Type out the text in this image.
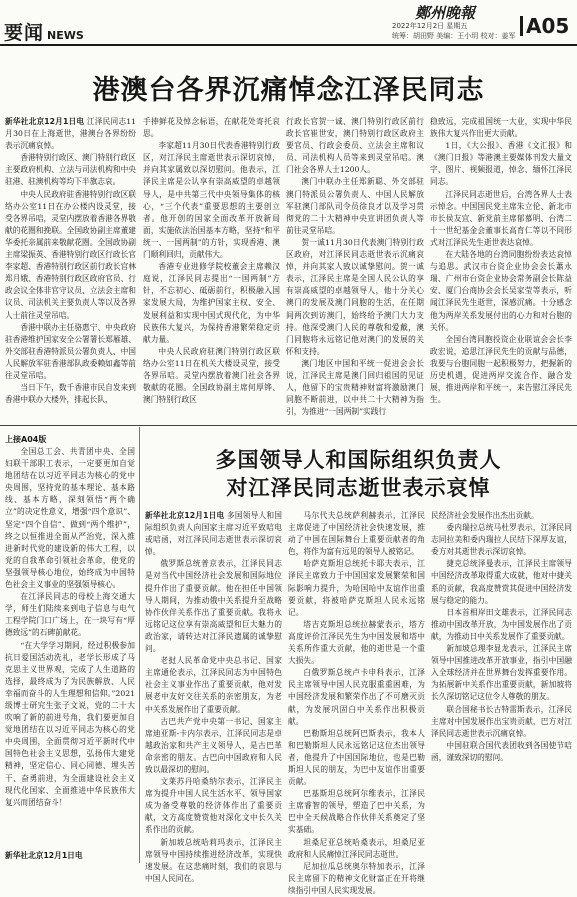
要闻 NEWS
鄭州晚報
2022年12月2日 星期五
统筹：胡田野 美编：王小玥 校对：姜军 A05
港澳台各界沉痛悼念江泽民同志

新华社北京12月1日电 江泽民同志11月30日在上海逝世，港澳台各界纷纷表示沉痛哀悼。

香港特别行政区、澳门特别行政区主要政府机构、立法与司法机构和中央驻港、驻澳机构等均下半旗志哀。

中央人民政府驻香港特别行政区联络办公室11日在办公楼内设灵堂，接受各界吊唁，灵堂内摆放着香港各界敬献的花圈和挽联。全国政协副主席董建华委托亲属前来敬献花圈。全国政协副主席梁振英、香港特别行政区行政长官李家超、香港特别行政区前行政长官林郑月娥、香港特别行政区政府官员、行政会议全体非官守议员、立法会主席和议员、司法机关主要负责人等以及各界人士前往灵堂吊唁。

香港中联办主任骆惠宁、中央政府驻香港维护国家安全公署署长郑雁雄、外交部驻香港特派员公署负责人、中国人民解放军驻香港部队政委赖如鑫等前往灵堂吊唁。

当日下午，数千香港市民自发来到香港中联办大楼外，排起长队，

手捧鲜花及悼念标语，在献花处寄托哀思。

李家超11月30日代表香港特别行政区，对江泽民主席逝世表示深切哀悼，并向其家属致以深切慰问。他表示，江泽民主席是公认享有崇高威望的卓越领导人，是中共第三代中央领导集体的核心，“三个代表”重要思想的主要创立者。他开创的国家全面改革开放新局面，实施依法治国基本方略，坚持“和平统一、一国两制”的方针，实现香港、澳门顺利回归，贡献伟大。

香港专业进修学院校董会主席赖汉庭说，江泽民同志提出“一国两制”方针，不忘初心、砥砺前行，积极融入国家发展大局，为维护国家主权、安全、发展利益和实现中国式现代化，为中华民族伟大复兴，为保持香港繁荣稳定贡献力量。

中央人民政府驻澳门特别行政区联络办公室11日在机关大楼设灵堂，接受各界吊唁。灵堂内摆放着澳门社会各界敬献的花圈。全国政协副主席何厚铧、澳门特别行政区

行政长官贺一诚、澳门特别行政区前行政长官崔世安，澳门特别行政区政府主要官员、行政会委员、立法会主席和议员、司法机构人员等来到灵堂吊唁。澳门社会各界人士1200人。

澳门中联办主任郑新聪、外交部驻澳门特派员公署负责人、中国人民解放军驻澳门部队司令员徐良才以及学习贯彻党的二十大精神中央宣讲团负责人等前往灵堂吊唁。

贺一诚11月30日代表澳门特别行政区政府，对江泽民同志逝世表示沉痛哀悼，并向其家人致以诚挚慰问。贺一诚表示，江泽民主席是全国人民公认的享有崇高威望的卓越领导人，他十分关心澳门的发展及澳门同胞的生活，在任期间两次到访澳门，始终给予澳门大力支持。他深受澳门人民的尊敬和爱戴，澳门同胞将永远铭记他对澳门的发展的关怀和支持。

澳门地区中国和平统一促进会会长说，江泽民主席是澳门回归祖国的见证人，他留下的宝贵精神财富将激励澳门同胞不断前进，以中共二十大精神为指引，为推进“一国两制”实践行

稳致远，完成祖国统一大业，实现中华民族伟大复兴作出更大贡献。

1日，《大公报》、香港《文汇报》和《澳门日报》等港澳主要媒体刊发大量文字、图片、视频报道，悼念、缅怀江泽民同志。

江泽民同志逝世后，台湾各界人士表示悼念。中国国民党主席朱立伦、新北市市长侯友宜、新党前主席郁慕明、台湾二十一世纪基金会董事长高育仁等以不同形式对江泽民先生逝世表达哀悼。

在大陆各地的台湾同胞纷纷表达哀悼与追思。武汉市台资企业协会会长蕭永瑞、广州市台资企业协会常务副会长陈益安、厦门台商协会会长吴家莹等表示，听闻江泽民先生逝世，深感沉痛。十分感念他为两岸关系发展付出的心力和对台胞的关怀。

全国台湾同胞投资企业联谊会会长李政宏说，追思江泽民先生的贡献与品德，我要与台胞同胞一起积极努力，把握新的历史机遇，促进两岸交流合作、融合发展，推进两岸和平统一，来告慰江泽民先生。

上接A04版

全国总工会、共青团中央、全国妇联干部职工表示，一定要更加自觉地团结在以习近平同志为核心的党中央周围，坚持党的基本理论、基本路线、基本方略，深刻领悟“两个确立”的决定性意义，增强“四个意识”、坚定“四个自信”、做到“两个维护”，终之以恒推进全面从严治党，深入推进新时代党的建设新的伟大工程，以党的自我革命引领社会革命，使党的坚强领导核心地位，始终成为中国特色社会主义事业的坚强领导核心。

在江泽民同志的母校上海交通大学，师生们陆续来到电子信息与电气工程学院门口广场上，在一块写有“厚德致远”的石碑前献花。

“在大学学习期间，经过积极参加抗日爱国活动洗礼，老学长形成了马克思主义世界观，完成了人生道路的选择，最终成为了为民族解放、人民幸福而奋斗的人生理想和信仰。”2021级博士研究生张子文说，党的二十大吹响了新的前进号角，我们要更加自觉地团结在以习近平同志为核心的党中央周围，全面贯彻习近平新时代中国特色社会主义思想，弘扬伟大建党精神，坚定信心、同心同德、埋头苦干、奋勇前进，为全面建设社会主义现代化国家、全面推进中华民族伟大复兴而团结奋斗！

新华社北京12月1日电
多国领导人和国际组织负责人
对江泽民同志逝世表示哀悼

新华社北京12月1日电 多国领导人和国际组织负责人向国家主席习近平致唁电或唁函，对江泽民同志逝世表示深切哀悼。

俄罗斯总统普京表示，江泽民同志是对当代中国经济社会发展和国际地位提升作出了重要贡献。他在担任中国领导人期间，为推动俄中关系提升至战略协作伙伴关系作出了重要贡献。我将永远铭记这位享有崇高威望和巨大魅力的政治家，请转达对江泽民遗属的诚挚慰问。

老挝人民革命党中央总书记、国家主席通伦表示，江泽民同志为中国特色社会主义事业作出了重要贡献，他对发展老中友好交往关系的亲密朋友，为老中关系发展作出了重要贡献。

古巴共产党中央第一书记、国家主席迪亚斯-卡内尔表示，江泽民同志是卓越政治家和共产主义领导人，是古巴革命亲密的朋友。古巴向中国政府和人民致以最深切的慰问。

文莱苏丹哈桑纳尔表示，江泽民主席为提升中国人民生活水平、领导国家成为备受尊敬的经济体作出了重要贡献，文方高度赞赏他对深化文中长久关系作出的贡献。

新加坡总统哈莉玛表示，江泽民主席领导中国持续推进经济改革，实现快速发展。在这悲痛时刻，我们的哀思与中国人民同在。

马尔代夫总统萨利赫表示，江泽民主席促进了中国经济社会快速发展，推动了中国在国际舞台上重要贡献者的角色，将作为富有远见的领导人被铭记。

哈萨克斯坦总统托卡耶夫表示，江泽民主席致力于中国国家发展繁荣和国际影响力提升，为哈国哈中友谊作出重要贡献，将被哈萨克斯坦人民永远铭记。

塔吉克斯坦总统拉赫蒙表示，塔方高度评价江泽民先生为中国发展和塔中关系所作重大贡献，他的逝世是一个重大损失。

白俄罗斯总统卢卡申科表示，江泽民主席领导中国人民克服重重困难，为中国经济发展和繁荣作出了不可磨灭贡献，为发展巩固白中关系作出积极贡献。

巴勒斯坦总统阿巴斯表示，我本人和巴勒斯坦人民永远铭记这位杰出领导者，他提升了中国国际地位，也是巴勒斯坦人民的朋友，为巴中友谊作出重要贡献。

巴基斯坦总统阿尔维表示，江泽民主席睿智的领导，塑造了巴中关系，为巴中全天候战略合作伙伴关系奠定了坚实基础。

坦桑尼亚总统哈桑表示，坦桑尼亚政府和人民痛悼江泽民同志逝世。

尼加拉瓜总统奥尔特加表示，江泽民主席留下的精神文化财富正在开将继续指引中国人民实现发展。

民经济社会发展作出杰出贡献。

委内瑞拉总统马杜罗表示，江泽民同志同拉美和委内瑞拉人民结下深厚友谊，委方对其逝世表示深切哀悼。

捷克总统泽曼表示，江泽民主席领导中国经济改革取得重大成就，他对中捷关系的贡献，我高度赞赏其促进中国经济发展与稳定的能力。

日本首相岸田文雄表示，江泽民同志推动中国改革开放，为中国发展作出了贡献，为推动日中关系发展作了重要贡献。

新加坡总理李显龙表示，江泽民主席领导中国推进改革开放事业，指引中国融入全球经济并在世界舞台发挥重要作用。为拓展新中关系作出重要贡献，新加坡将长久深切铭记这位令人尊敬的朋友。

联合国秘书长古特雷斯表示，江泽民主席对中国发展作出宝贵贡献，巴方对江泽民同志逝世表示沉痛哀悼。

中国驻联合国代表团收到各国使节唁函，谨致深切的慰问。
